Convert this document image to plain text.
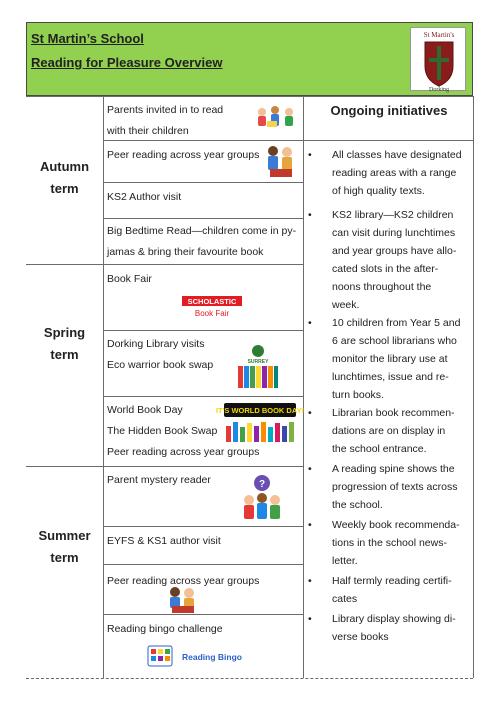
St Martin’s School
Reading for Pleasure Overview
St Martin's
Dorking
Autumn
term
Spring
term
Summer
term
Parents invited in to read
with their children
Peer reading across year groups
KS2 Author visit
Big Bedtime Read—children come in py-
jamas & bring their favourite book
Book Fair
SCHOLASTIC
Book Fair
Dorking Library visits
Eco warrior book swap	SURREY
World Book Day
The Hidden Book Swap
Peer reading across year groups
IT'S WORLD BOOK DAY!
Parent mystery reader	?
EYFS & KS1 author visit
Peer reading across year groups
Reading bingo challenge
Reading Bingo
Ongoing initiatives
• All classes have designated
reading areas with a range
of high quality texts.
• KS2 library—KS2 children
can visit during lunchtimes
and year groups have allo-
cated slots in the after-
noons throughout the
week.
• 10 children from Year 5 and
6 are school librarians who
monitor the library use at
lunchtimes, issue and re-
turn books.
• Librarian book recommen-
dations are on display in
the school entrance.
• A reading spine shows the
progression of texts across
the school.
• Weekly book recommenda-
tions in the school news-
letter.
• Half termly reading certifi-
cates
• Library display showing di-
verse books
